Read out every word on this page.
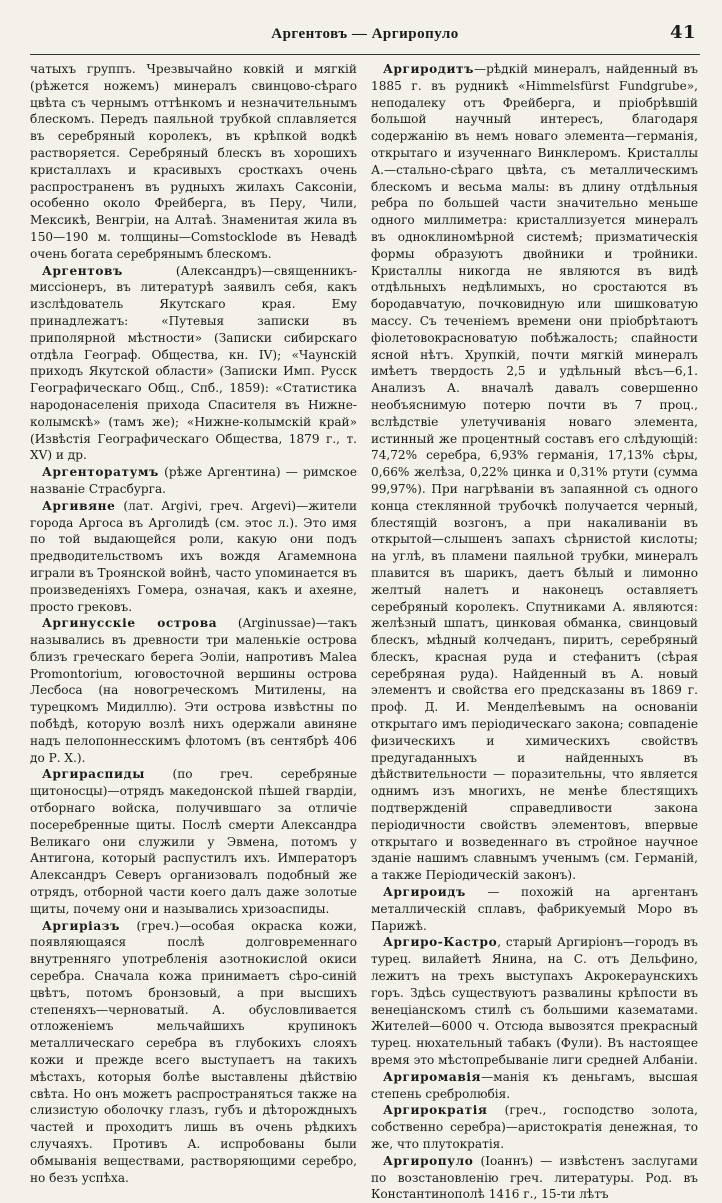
Аргентовъ — Аргиропуло	41

чатыхъ группъ. Чрезвычайно ковкій и мягкій (рѣжется ножемъ) минералъ свинцово-сѣраго цвѣта съ чернымъ оттѣнкомъ и незначительнымъ блескомъ. Передъ паяльной трубкой сплавляется въ серебряный королекъ, въ крѣпкой водкѣ растворяется. Серебряный блескъ въ хорошихъ кристаллахъ и красивыхъ сросткахъ очень распространенъ въ рудныхъ жилахъ Саксоніи, особенно около Фрейберга, въ Перу, Чили, Мексикѣ, Венгріи, на Алтаѣ. Знаменитая жила въ 150—190 м. толщины—Comstocklode въ Невадѣ очень богата серебрянымъ блескомъ.

Аргентовъ (Александръ)—священникъ-миссіонеръ, въ литературѣ заявилъ себя, какъ изслѣдователь Якутскаго края. Ему принадлежатъ: «Путевыя записки въ приполярной мѣстности» (Записки сибирскаго отдѣла Географ. Общества, кн. IV); «Чаунскій приходъ Якутской области» (Записки Имп. Русск Географическаго Общ., Спб., 1859): «Статистика народонаселенія прихода Спасителя въ Нижне-колымскѣ» (тамъ же); «Нижне-колымскій край» (Извѣстія Географическаго Общества, 1879 г., т. XV) и др.

Аргенторатумъ (рѣже Аргентина) — римское названіе Страсбурга.

Аргивяне (лат. Argivi, греч. Argevi)—жители города Аргоса въ Арголидѣ (см. этос л.). Это имя по той выдающейся роли, какую они подъ предводительствомъ ихъ вождя Агамемнона играли въ Троянской войнѣ, часто упоминается въ произведеніяхъ Гомера, означая, какъ и ахеяне, просто грековъ.

Аргинусскіе острова (Arginussae)—такъ назывались въ древности три маленькіе острова близъ греческаго берега Эоліи, напротивъ Malea Promontorium, юговосточной вершины острова Лесбоса (на новогреческомъ Митилены, на турецкомъ Мидиллю). Эти острова извѣстны по побѣдѣ, которую возлѣ нихъ одержали авиняне надъ пелопоннесскимъ флотомъ (въ сентябрѣ 406 до Р. Х.).

Аргираспиды (по греч. серебряные щитоносцы)—отрядъ македонской пѣшей гвардіи, отборнаго войска, получившаго за отличіе посеребренные щиты. Послѣ смерти Александра Великаго они служили у Эвмена, потомъ у Антигона, который распустилъ ихъ. Императоръ Александръ Северъ организовалъ подобный же отрядъ, отборной части коего далъ даже золотые щиты, почему они и назывались хризоаспиды.

Аргиріазъ (греч.)—особая окраска кожи, появляющаяся послѣ долговременнаго внутренняго употребленія азотнокислой окиси серебра. Сначала кожа принимаетъ сѣро-синій цвѣтъ, потомъ бронзовый, а при высшихъ степеняхъ—черноватый. А. обусловливается отложеніемъ мельчайшихъ крупинокъ металлическаго серебра въ глубокихъ слояхъ кожи и прежде всего выступаетъ на такихъ мѣстахъ, которыя болѣе выставлены дѣйствію свѣта. Но онъ можетъ распространяться также на слизистую оболочку глазъ, губъ и дѣторождныхъ частей и проходитъ лишь въ очень рѣдкихъ случаяхъ. Противъ А. испробованы были обмыванія веществами, растворяющими серебро, но безъ успѣха.

Аргиродитъ—рѣдкій минералъ, найденный въ 1885 г. въ рудникѣ «Himmelsfürst Fundgrube», неподалеку отъ Фрейберга, и пріобрѣвшій большой научный интересъ, благодаря содержанію въ немъ новаго элемента—германія, открытаго и изученнаго Винклеромъ. Кристаллы А.—стально-сѣраго цвѣта, съ металлическимъ блескомъ и весьма малы: въ длину отдѣльныя ребра по большей части значительно меньше одного миллиметра: кристаллизуется минералъ въ одноклиномѣрной системѣ; призматическія формы образуютъ двойники и тройники. Кристаллы никогда не являются въ видѣ отдѣльныхъ недѣлимыхъ, но сростаются въ бородавчатую, почковидную или шишковатую массу. Съ теченіемъ времени они пріобрѣтаютъ фіолетовокрасноватую побѣжалость; спайности ясной нѣтъ. Хрупкій, почти мягкій минералъ имѣетъ твердость 2,5 и удѣльный вѣсъ—6,1. Анализъ А. вначалѣ давалъ совершенно необъяснимую потерю почти въ 7 проц., вслѣдствіе улетучиванія новаго элемента, истинный же процентный составъ его слѣдующій: 74,72% серебра, 6,93% германія, 17,13% сѣры, 0,66% желѣза, 0,22% цинка и 0,31% ртути (сумма 99,97%). При нагрѣваніи въ запаянной съ одного конца стеклянной трубочкѣ получается черный, блестящій возгонъ, а при накаливаніи въ открытой—слышенъ запахъ сѣрнистой кислоты; на углѣ, въ пламени паяльной трубки, минералъ плавится въ шарикъ, даетъ бѣлый и лимонно желтый налетъ и наконецъ оставляетъ серебряный королекъ. Спутниками А. являются: желѣзный шпатъ, цинковая обманка, свинцовый блескъ, мѣдный колчеданъ, пиритъ, серебряный блескъ, красная руда и стефанитъ (сѣрая серебряная руда). Найденный въ А. новый элементъ и свойства его предсказаны въ 1869 г. проф. Д. И. Менделѣевымъ на основаніи открытаго имъ періодическаго закона; совпаденіе физическихъ и химическихъ свойствъ предугаданныхъ и найденныхъ въ дѣйствительности — поразительны, что является однимъ изъ многихъ, не менѣе блестящихъ подтвержденій справедливости закона періодичности свойствъ элементовъ, впервые открытаго и возведеннаго въ стройное научное зданіе нашимъ славнымъ ученымъ (см. Германій, а также Періодическій законъ).

Аргироидъ — похожій на аргентанъ металлическій сплавъ, фабрикуемый Моро въ Парижѣ.

Аргиро-Кастро, старый Аргиріонъ—городъ въ турец. вилайетѣ Янина, на С. отъ Дельфино, лежитъ на трехъ выступахъ Акрокераунскихъ горъ. Здѣсь существуютъ развалины крѣпости въ венеціанскомъ стилѣ съ большими казематами. Жителей—6000 ч. Отсюда вывозятся прекрасный турец. нюхательный табакъ (Фули). Въ настоящее время это мѣстопребываніе лиги средней Албаніи.

Аргиромавія—манія къ деньгамъ, высшая степень сребролюбія.

Аргирократія (греч., господство золота, собственно серебра)—аристократія денежная, то же, что плутократія.

Аргиропуло (Іоаннъ) — извѣстенъ заслугами по возстановленію греч. литературы. Род. въ Константинополѣ 1416 г., 15-ти лѣтъ
